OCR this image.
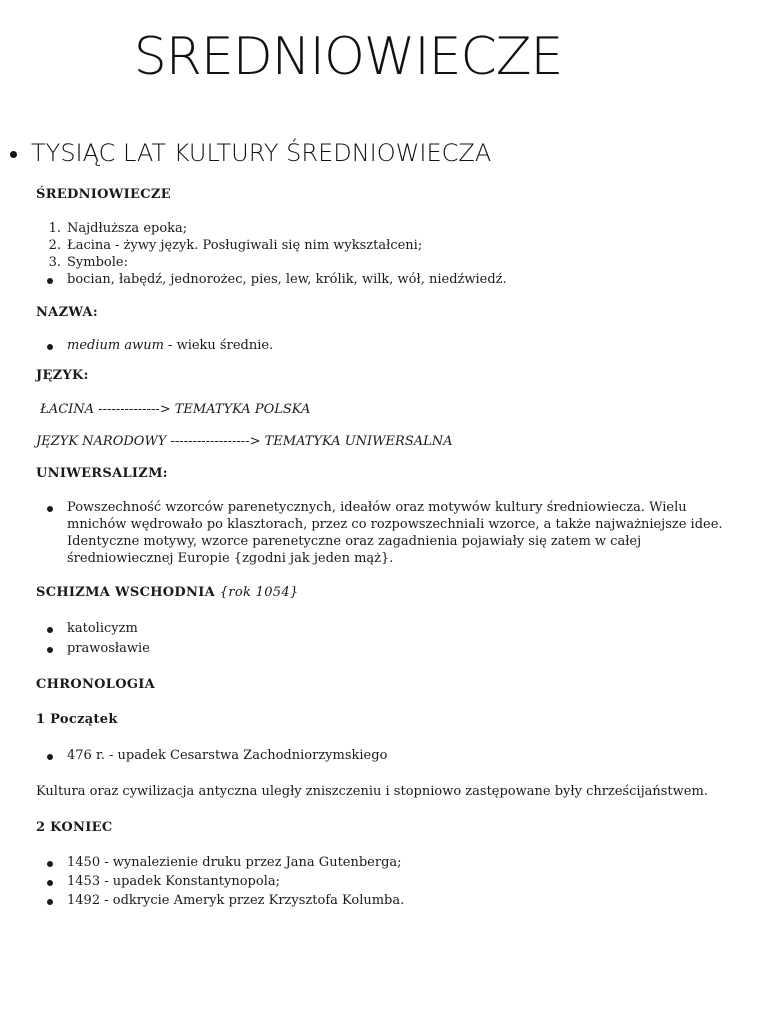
SREDNIOWIECZE
TYSIĄC LAT KULTURY ŚREDNIOWIECZA
ŚREDNIOWIECZE
1. Najdłuższa epoka;
2. Łacina - żywy język. Posługiwali się nim wykształceni;
3. Symbole:
bocian, łabędź, jednorożec, pies, lew, królik, wilk, wół, niedźwiedź.
NAZWA:
medium awum - wieku średnie.
JĘZYK:
ŁACINA --------------> TEMATYKA POLSKA
JĘZYK NARODOWY ------------------> TEMATYKA UNIWERSALNA
UNIWERSALIZM:
Powszechność wzorców parenetycznych, ideałów oraz motywów kultury średniowiecza. Wielu mnichów wędrowało po klasztorach, przez co rozpowszechniali wzorce, a także najważniejsze idee. Identyczne motywy, wzorce parenetyczne oraz zagadnienia pojawiały się zatem w całej średniowiecznej Europie {zgodni jak jeden mąż}.
SCHIZMA WSCHODNIA {rok 1054}
katolicyzm
prawosławie
CHRONOLOGIA
1 Początek
476 r. - upadek Cesarstwa Zachodniorzymskiego
Kultura oraz cywilizacja antyczna uległy zniszczeniu i stopniowo zastępowane były chrześcijaństwem.
2 KONIEC
1450 - wynalezienie druku przez Jana Gutenberga;
1453 - upadek Konstantynopola;
1492 - odkrycie Ameryk przez Krzysztofa Kolumba.
